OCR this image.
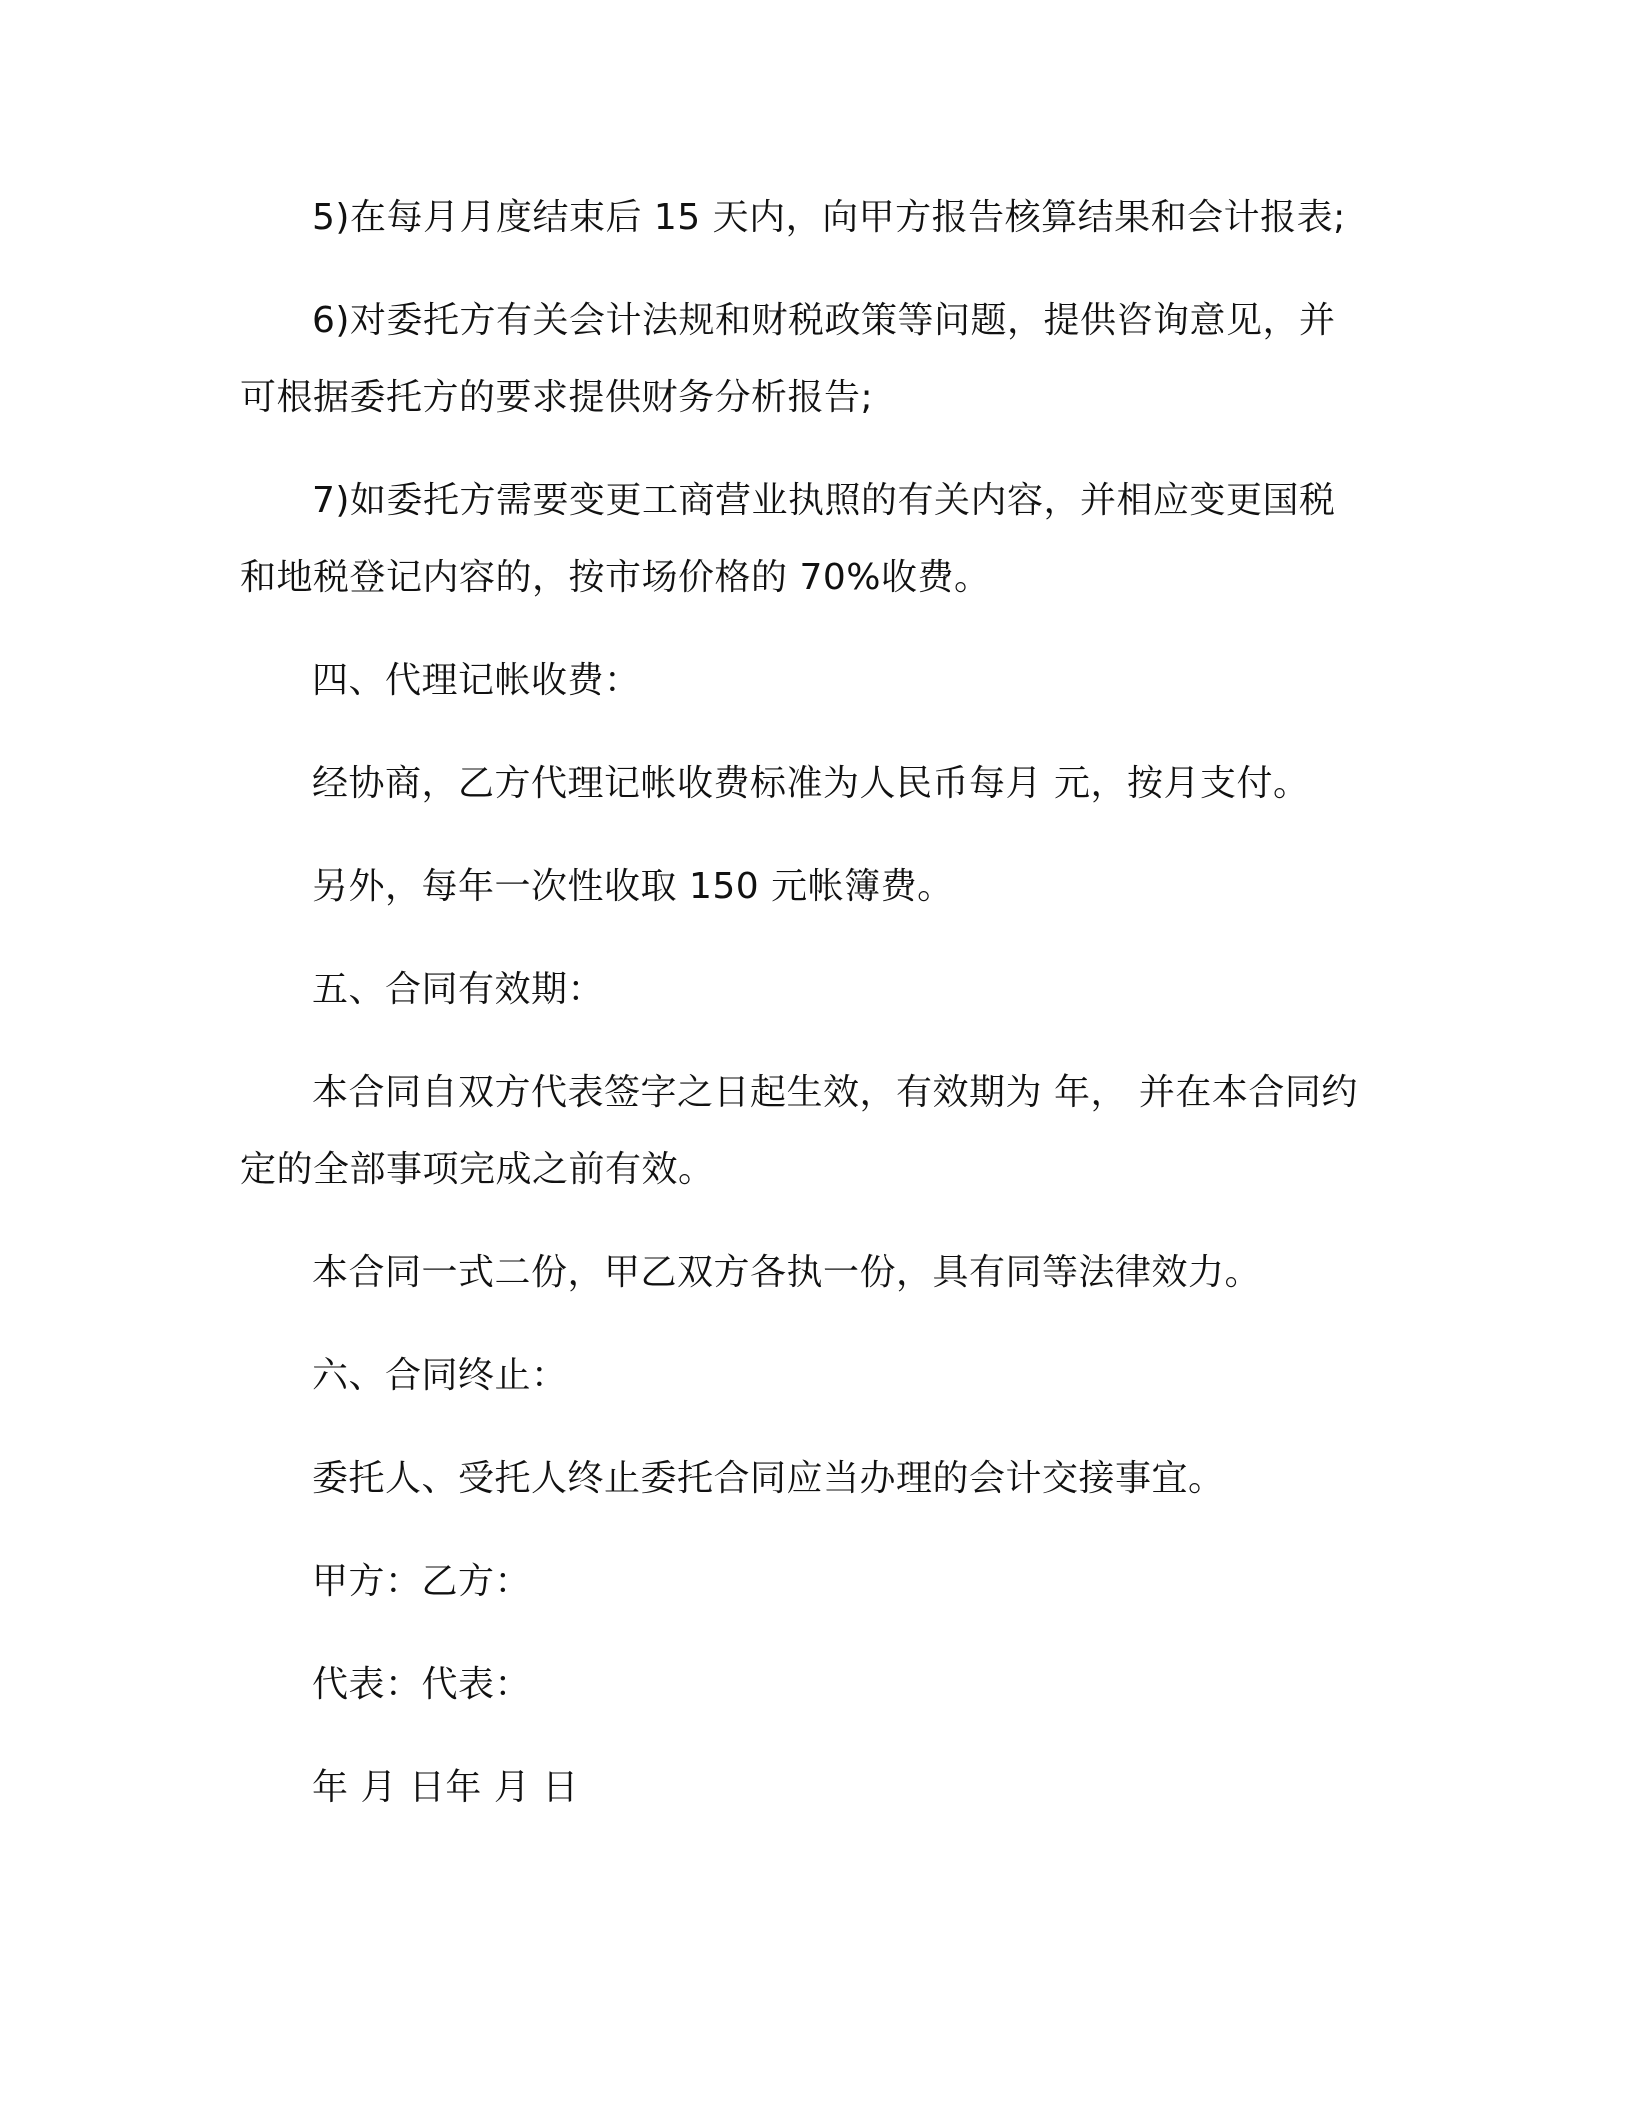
5)在每月月度结束后 15 天内，向甲方报告核算结果和会计报表;
6)对委托方有关会计法规和财税政策等问题，提供咨询意见，并
可根据委托方的要求提供财务分析报告;
7)如委托方需要变更工商营业执照的有关内容，并相应变更国税
和地税登记内容的，按市场价格的 70%收费。
四、代理记帐收费：
经协商，乙方代理记帐收费标准为人民币每月 元，按月支付。
另外，每年一次性收取 150 元帐簿费。
五、合同有效期：
本合同自双方代表签字之日起生效，有效期为 年， 并在本合同约
定的全部事项完成之前有效。
本合同一式二份，甲乙双方各执一份，具有同等法律效力。
六、合同终止：
委托人、受托人终止委托合同应当办理的会计交接事宜。
甲方：乙方：
代表：代表：
年 月 日年 月 日
